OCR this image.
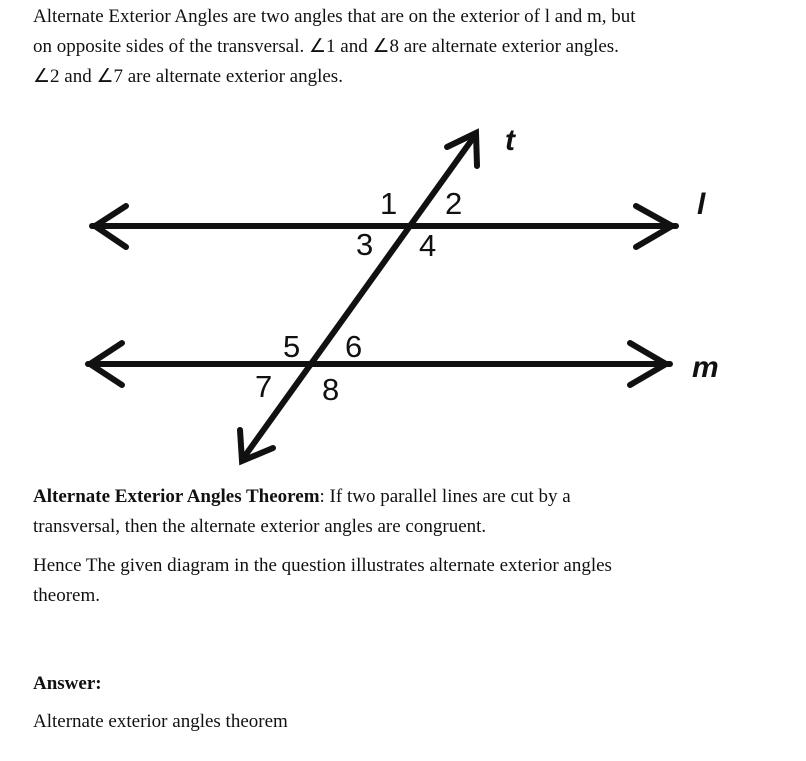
Alternate Exterior Angles are two angles that are on the exterior of l and m, but
on opposite sides of the transversal. ∠1 and ∠8 are alternate exterior angles.
∠2 and ∠7 are alternate exterior angles.

t
l
m
1 2
3 4
5 6
7 8

Alternate Exterior Angles Theorem: If two parallel lines are cut by a
transversal, then the alternate exterior angles are congruent.

Hence The given diagram in the question illustrates alternate exterior angles
theorem.

Answer:

Alternate exterior angles theorem
